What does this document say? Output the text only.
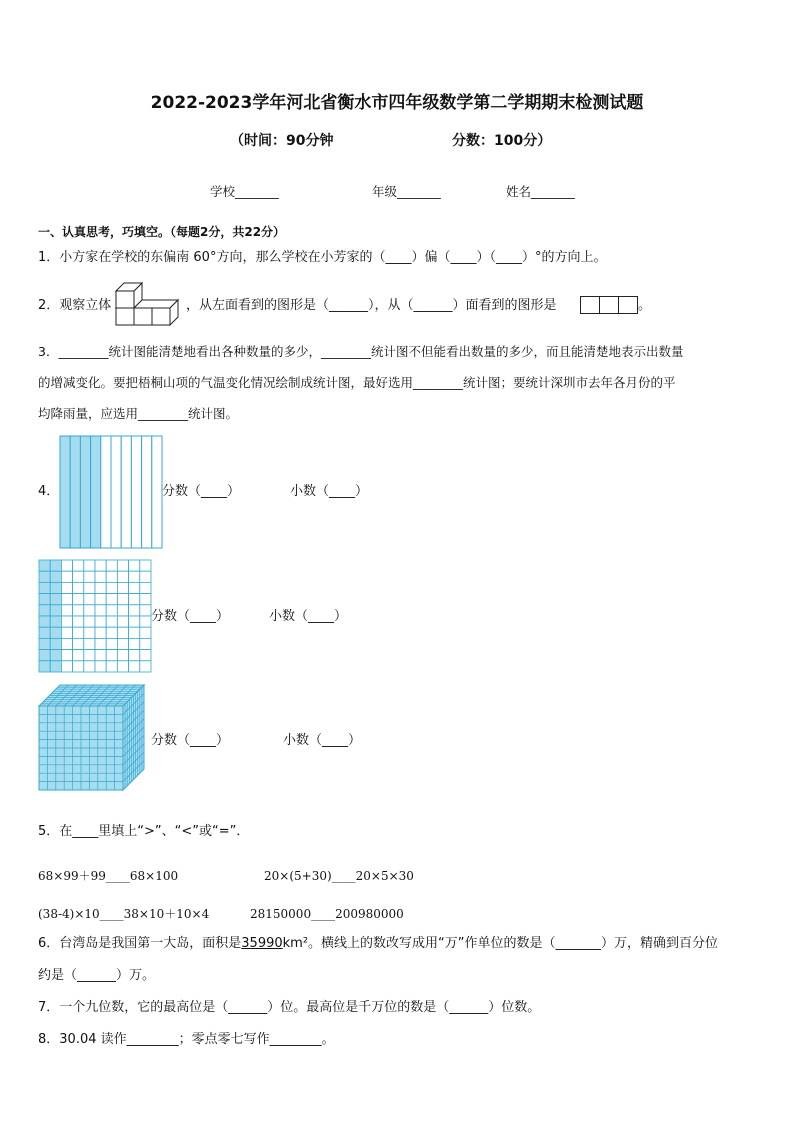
2022-2023学年河北省衡水市四年级数学第二学期期末检测试题
（时间：90分钟	分数：100分）
学校_______	年级_______	姓名_______
一、认真思考，巧填空。（每题2分，共22分）
1．小方家在学校的东偏南 60°方向，那么学校在小芳家的（____）偏（____）（____）°的方向上。
2．观察立体	，从左面看到的图形是（______），从（______）面看到的图形是	。
3．________统计图能清楚地看出各种数量的多少，________统计图不但能看出数量的多少，而且能清楚地表示出数量
的增减变化。要把梧桐山项的气温变化情况绘制成统计图，最好选用________统计图；要统计深圳市去年各月份的平
均降雨量，应选用________统计图。
4．	分数（____）	小数（____）
分数（____）	小数（____）
分数（____）	小数（____）
5．在____里填上“>”、“<”或“=”．
68×99＋99____68×100	20×(5+30)____20×5×30
(38-4)×10____38×10＋10×4	28150000____200980000
6．台湾岛是我国第一大岛，面积是35990km²。横线上的数改写成用“万”作单位的数是（_______）万，精确到百分位
约是（______）万。
7．一个九位数，它的最高位是（______）位。最高位是千万位的数是（______）位数。
8．30.04 读作________；零点零七写作________。
